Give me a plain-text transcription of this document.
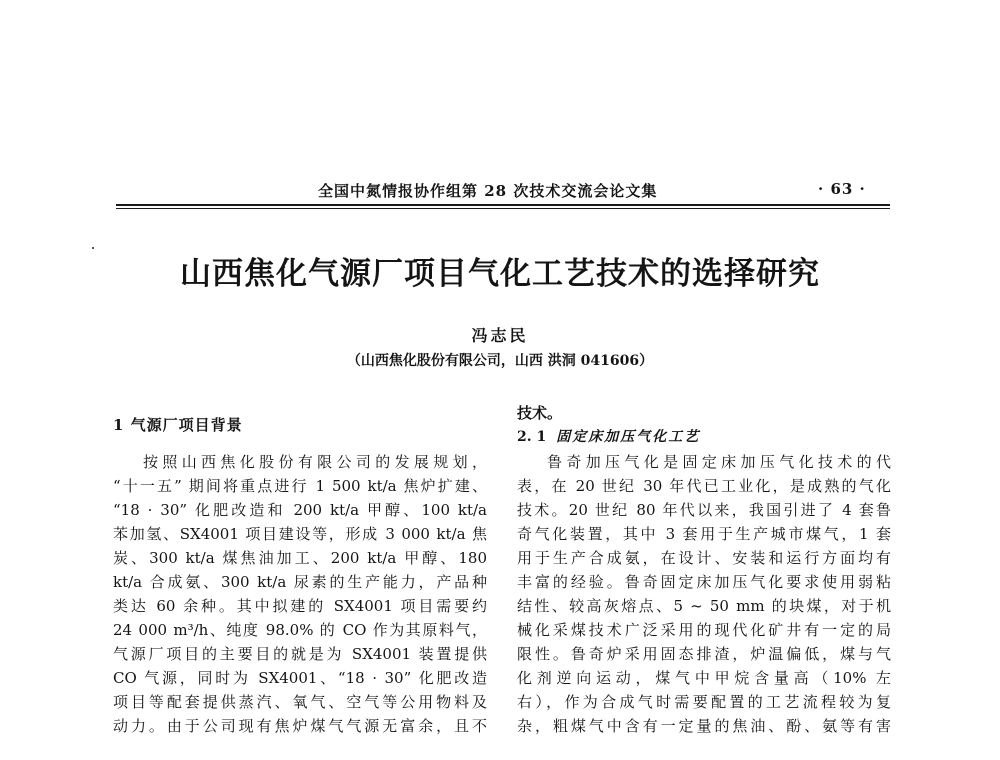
全国中氮情报协作组第 28 次技术交流会论文集	· 63 ·
山西焦化气源厂项目气化工艺技术的选择研究
冯志民
（山西焦化股份有限公司，山西 洪洞 041606）
1 气源厂项目背景
按照山西焦化股份有限公司的发展规划，
“十一五” 期间将重点进行 1 500 kt/a 焦炉扩建、
“18 · 30” 化肥改造和 200 kt/a 甲醇、100 kt/a
苯加氢、SX4001 项目建设等，形成 3 000 kt/a 焦
炭、300 kt/a 煤焦油加工、200 kt/a 甲醇、180
kt/a 合成氨、300 kt/a 尿素的生产能力，产品种
类达 60 余种。其中拟建的 SX4001 项目需要约
24 000 m³/h、纯度 98.0% 的 CO 作为其原料气，
气源厂项目的主要目的就是为 SX4001 装置提供
CO 气源，同时为 SX4001、“18 · 30” 化肥改造
项目等配套提供蒸汽、氧气、空气等公用物料及
动力。由于公司现有焦炉煤气气源无富余，且不
技术。
2. 1 固定床加压气化工艺
鲁奇加压气化是固定床加压气化技术的代
表，在 20 世纪 30 年代已工业化，是成熟的气化
技术。20 世纪 80 年代以来，我国引进了 4 套鲁
奇气化装置，其中 3 套用于生产城市煤气，1 套
用于生产合成氨，在设计、安装和运行方面均有
丰富的经验。鲁奇固定床加压气化要求使用弱粘
结性、较高灰熔点、5 ~ 50 mm 的块煤，对于机
械化采煤技术广泛采用的现代化矿井有一定的局
限性。鲁奇炉采用固态排渣，炉温偏低，煤与气
化剂逆向运动，煤气中甲烷含量高（10% 左
右），作为合成气时需要配置的工艺流程较为复
杂，粗煤气中含有一定量的焦油、酚、氨等有害
